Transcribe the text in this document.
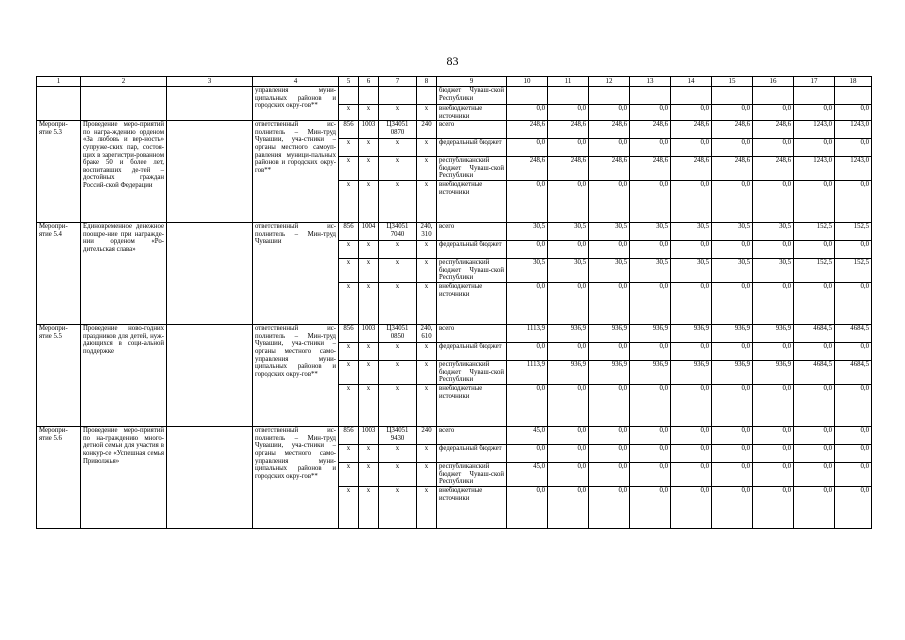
83
1	2	3	4	5	6	7	8	9	10	11	12	13	14	15	16	17	18
			управления муни-ципальных районов и городских окру-гов**					бюджет Чуваш-ской Республики									
				x	x	x	x	внебюджетные источники	0,0	0,0	0,0	0,0	0,0	0,0	0,0	0,0	0,0
Меропри-ятие 5.3	Проведение меро-приятий по награ-ждению орденом «За любовь и вер-ность» супруже-ских пар, состоя-щих в зарегистри-рованном браке 50 и более лет, воспитавших де-тей – достойных граждан Россий-ской Федерации		ответственный ис-полнитель – Мин-труд Чувашии, уча-стники – органы местного самоуп-равления муници-пальных районов и городских окру-гов**	856	1003	Ц34051 0870	240	всего	248,6	248,6	248,6	248,6	248,6	248,6	248,6	1243,0	1243,0
				x	x	x	x	федеральный бюджет	0,0	0,0	0,0	0,0	0,0	0,0	0,0	0,0	0,0
				x	x	x	x	республиканский бюджет Чуваш-ской Республики	248,6	248,6	248,6	248,6	248,6	248,6	248,6	1243,0	1243,0
				x	x	x	x	внебюджетные источники	0,0	0,0	0,0	0,0	0,0	0,0	0,0	0,0	0,0
Меропри-ятие 5.4	Единовременное денежное поощре-ние при награжде-нии орденом «Ро-дительская слава»		ответственный ис-полнитель – Мин-труд Чувашии	856	1004	Ц34051 7040	240, 310	всего	30,5	30,5	30,5	30,5	30,5	30,5	30,5	152,5	152,5
				x	x	x	x	федеральный бюджет	0,0	0,0	0,0	0,0	0,0	0,0	0,0	0,0	0,0
				x	x	x	x	республиканский бюджет Чуваш-ской Республики	30,5	30,5	30,5	30,5	30,5	30,5	30,5	152,5	152,5
				x	x	x	x	внебюджетные источники	0,0	0,0	0,0	0,0	0,0	0,0	0,0	0,0	0,0
Меропри-ятие 5.5	Проведение ново-годних праздников для детей, нуж-дающихся в соци-альной поддержке		ответственный ис-полнитель – Мин-труд Чувашии, уча-стники – органы местного само-управления муни-ципальных районов и городских окру-гов**	856	1003	Ц34051 0850	240, 610	всего	1113,9	936,9	936,9	936,9	936,9	936,9	936,9	4684,5	4684,5
				x	x	x	x	федеральный бюджет	0,0	0,0	0,0	0,0	0,0	0,0	0,0	0,0	0,0
				x	x	x	x	республиканский бюджет Чуваш-ской Республики	1113,9	936,9	936,9	936,9	936,9	936,9	936,9	4684,5	4684,5
				x	x	x	x	внебюджетные источники	0,0	0,0	0,0	0,0	0,0	0,0	0,0	0,0	0,0
Меропри-ятие 5.6	Проведение меро-приятий по на-граждению много-детной семьи для участия в конкур-се «Успешная семья Приволжья»		ответственный ис-полнитель – Мин-труд Чувашии, уча-стники – органы местного само-управления муни-ципальных районов и городских окру-гов**	856	1003	Ц34051 9430	240	всего	45,0	0,0	0,0	0,0	0,0	0,0	0,0	0,0	0,0
				x	x	x	x	федеральный бюджет	0,0	0,0	0,0	0,0	0,0	0,0	0,0	0,0	0,0
				x	x	x	x	республиканский бюджет Чуваш-ской Республики	45,0	0,0	0,0	0,0	0,0	0,0	0,0	0,0	0,0
				x	x	x	x	внебюджетные источники	0,0	0,0	0,0	0,0	0,0	0,0	0,0	0,0	0,0
